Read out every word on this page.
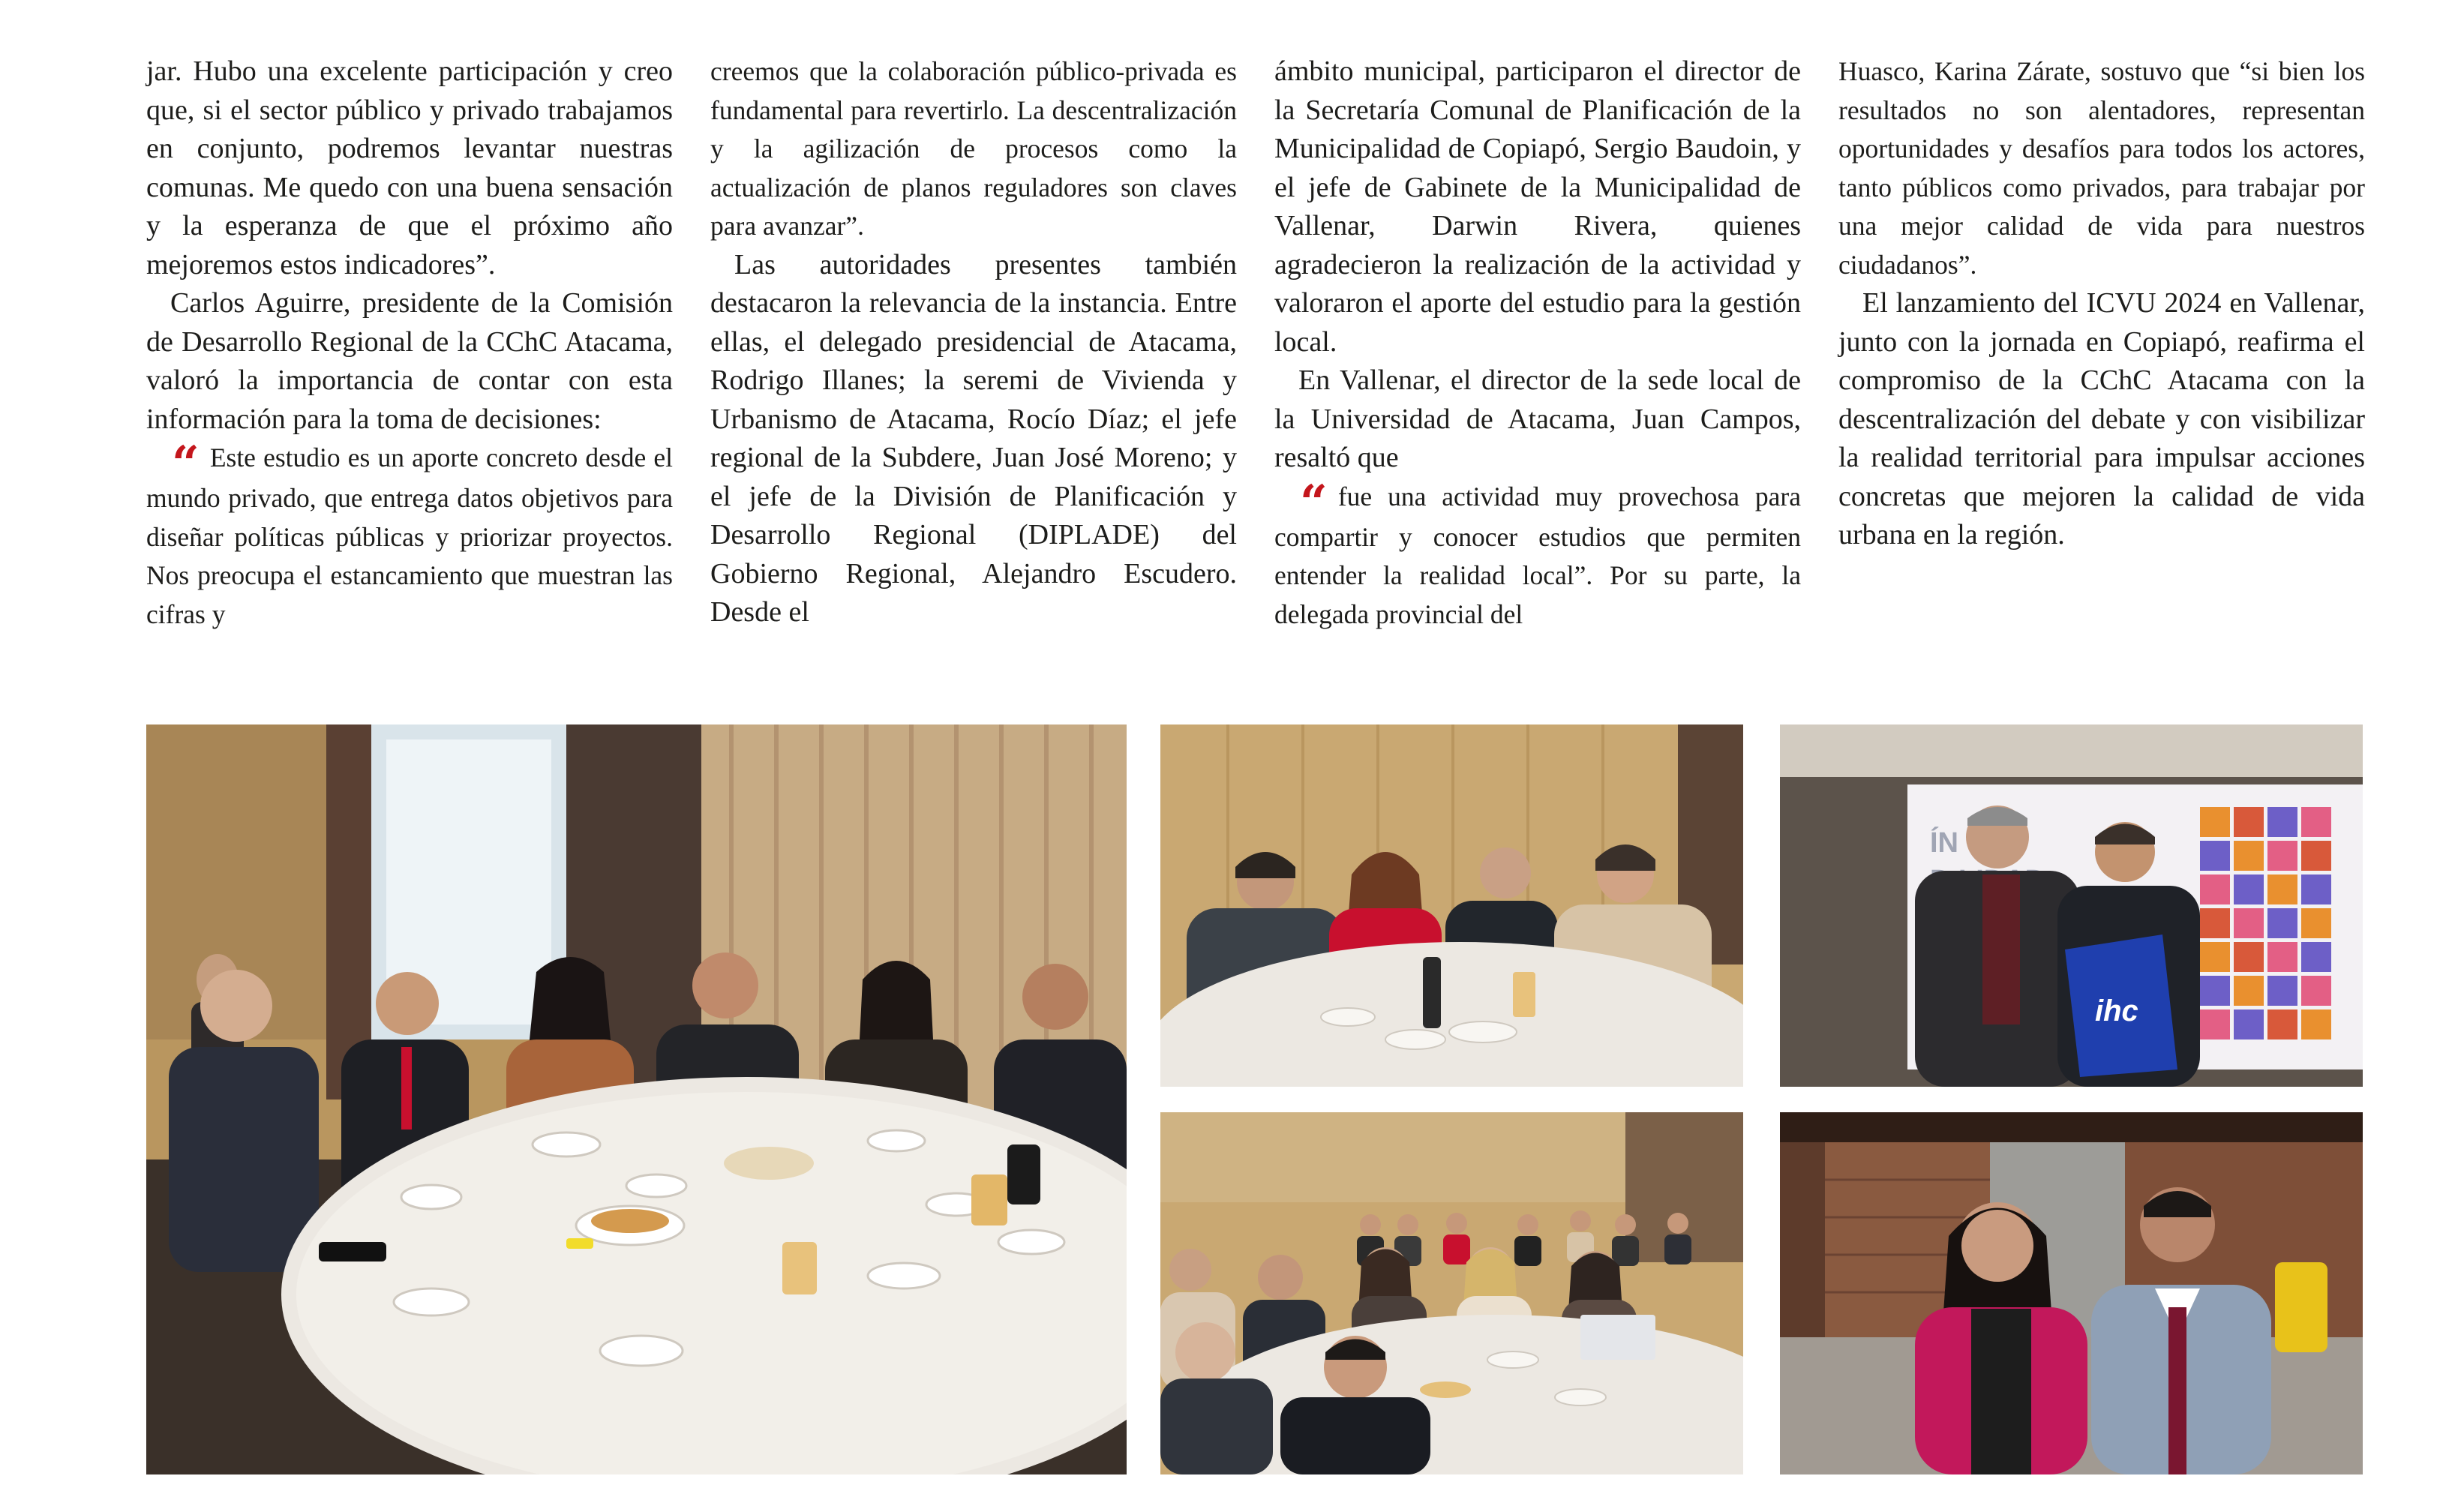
jar. Hubo una excelente participación y creo que, si el sector público y privado trabajamos en conjunto, podremos levantar nuestras comunas. Me quedo con una buena sensación y la esperanza de que el próximo año mejoremos estos indicadores”.

Carlos Aguirre, presidente de la Comisión de Desarrollo Regional de la CChC Atacama, valoró la importancia de contar con esta información para la toma de decisiones:

“ Este estudio es un aporte concreto desde el mundo privado, que entrega datos objetivos para diseñar políticas públicas y priorizar proyectos. Nos preocupa el estancamiento que muestran las cifras y

creemos que la colaboración público-privada es fundamental para revertirlo. La descentralización y la agilización de procesos como la actualización de planos reguladores son claves para avanzar”.

Las autoridades presentes también destacaron la relevancia de la instancia. Entre ellas, el delegado presidencial de Atacama, Rodrigo Illanes; la seremi de Vivienda y Urbanismo de Atacama, Rocío Díaz; el jefe regional de la Subdere, Juan José Moreno; y el jefe de la División de Planificación y Desarrollo Regional (DIPLADE) del Gobierno Regional, Alejandro Escudero. Desde el

ámbito municipal, participaron el director de la Secretaría Comunal de Planificación de la Municipalidad de Copiapó, Sergio Baudoin, y el jefe de Gabinete de la Municipalidad de Vallenar, Darwin Rivera, quienes agradecieron la realización de la actividad y valoraron el aporte del estudio para la gestión local.

En Vallenar, el director de la sede local de la Universidad de Atacama, Juan Campos, resaltó que

“ fue una actividad muy provechosa para compartir y conocer estudios que permiten entender la realidad local”. Por su parte, la delegada provincial del

Huasco, Karina Zárate, sostuvo que “si bien los resultados no son alentadores, representan oportunidades y desafíos para todos los actores, tanto públicos como privados, para trabajar por una mejor calidad de vida para nuestros ciudadanos”.

El lanzamiento del ICVU 2024 en Vallenar, junto con la jornada en Copiapó, reafirma el compromiso de la CChC Atacama con la descentralización del debate y con visibilizar la realidad territorial para impulsar acciones concretas que mejoren la calidad de vida urbana en la región.

ÍN
ihc
